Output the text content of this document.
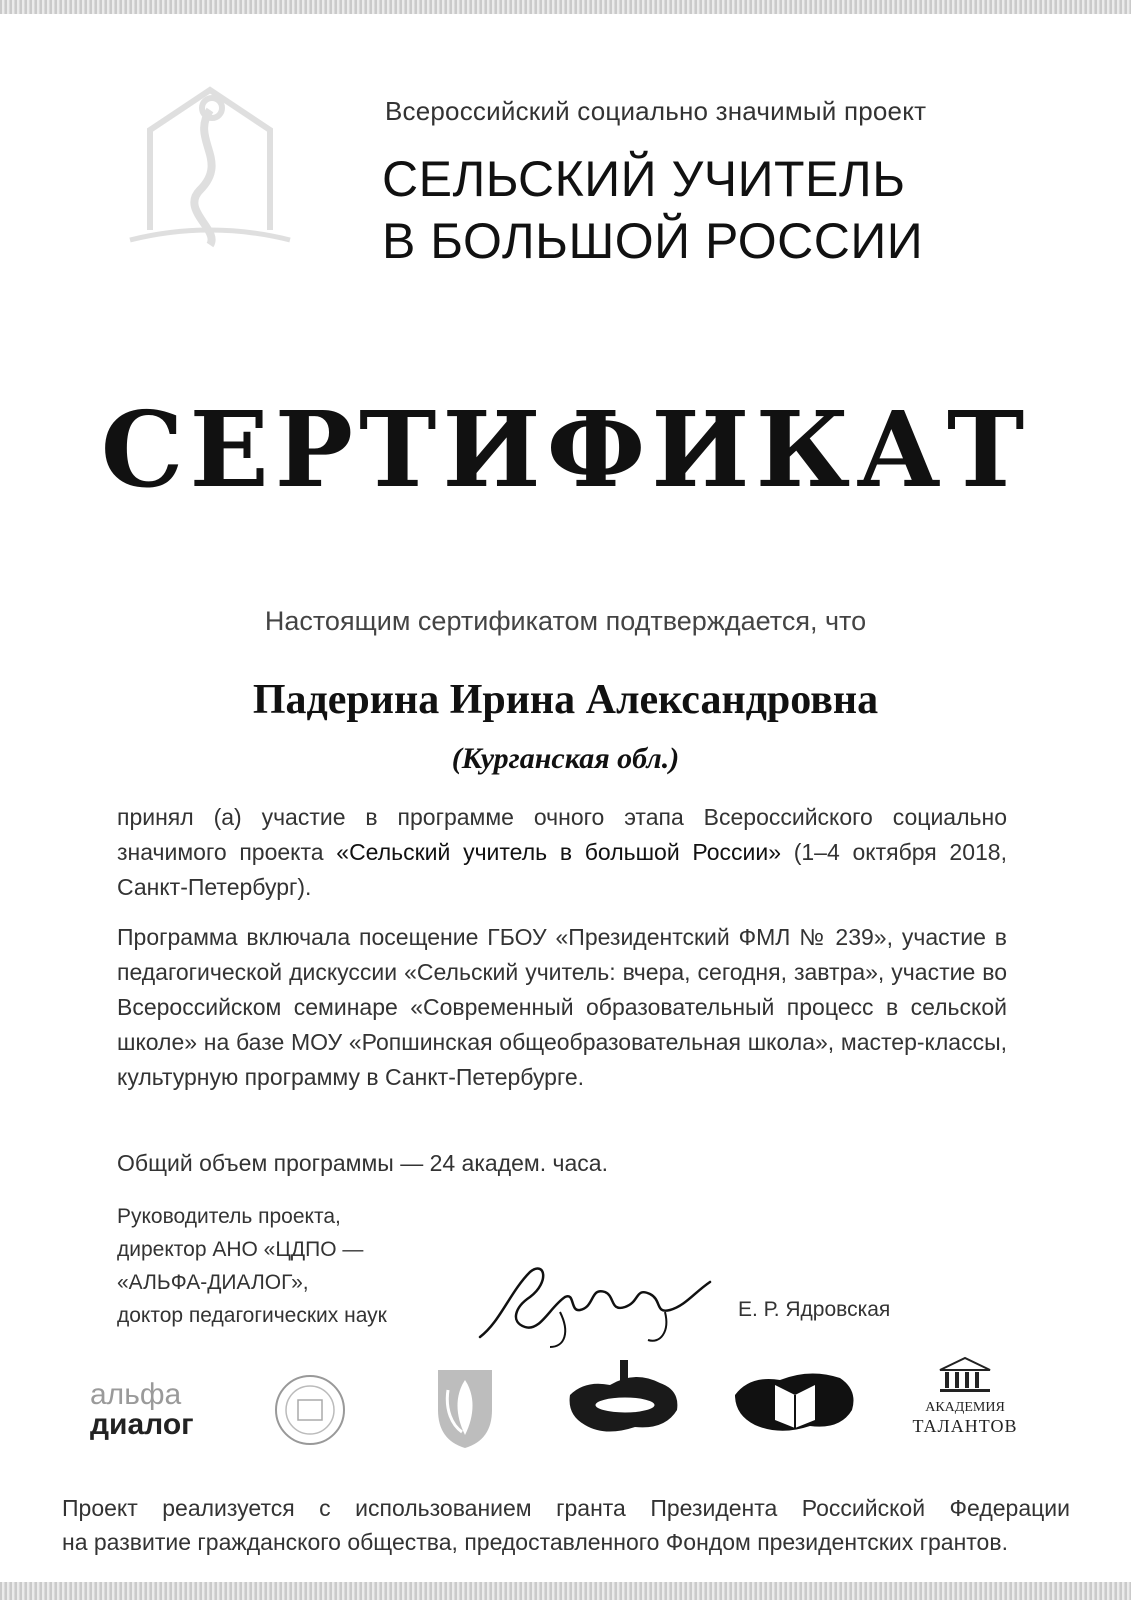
Всероссийский социально значимый проект
СЕЛЬСКИЙ УЧИТЕЛЬ
В БОЛЬШОЙ РОССИИ
СЕРТИФИКАТ
Настоящим сертификатом подтверждается, что
Падерина Ирина Александровна
(Курганская обл.)
принял (а) участие в программе очного этапа Всероссийского социально значимого проекта «Сельский учитель в большой России» (1–4 октября 2018, Санкт-Петербург).
Программа включала посещение ГБОУ «Президентский ФМЛ № 239», участие в педагогической дискуссии «Сельский учитель: вчера, сегодня, завтра», участие во Всероссийском семинаре «Современный образовательный процесс в сельской школе» на базе МОУ «Ропшинская общеобразовательная школа», мастер-классы, культурную программу в Санкт-Петербурге.
Общий объем программы — 24 академ. часа.
Руководитель проекта,
директор АНО «ЦДПО —
«АЛЬФА-ДИАЛОГ»,
доктор педагогических наук	Е. Р. Ядровская
альфа
диалог
АКАДЕМИЯ
ТАЛАНТОВ
Проект реализуется с использованием гранта Президента Российской Федерации
на развитие гражданского общества, предоставленного Фондом президентских грантов.
